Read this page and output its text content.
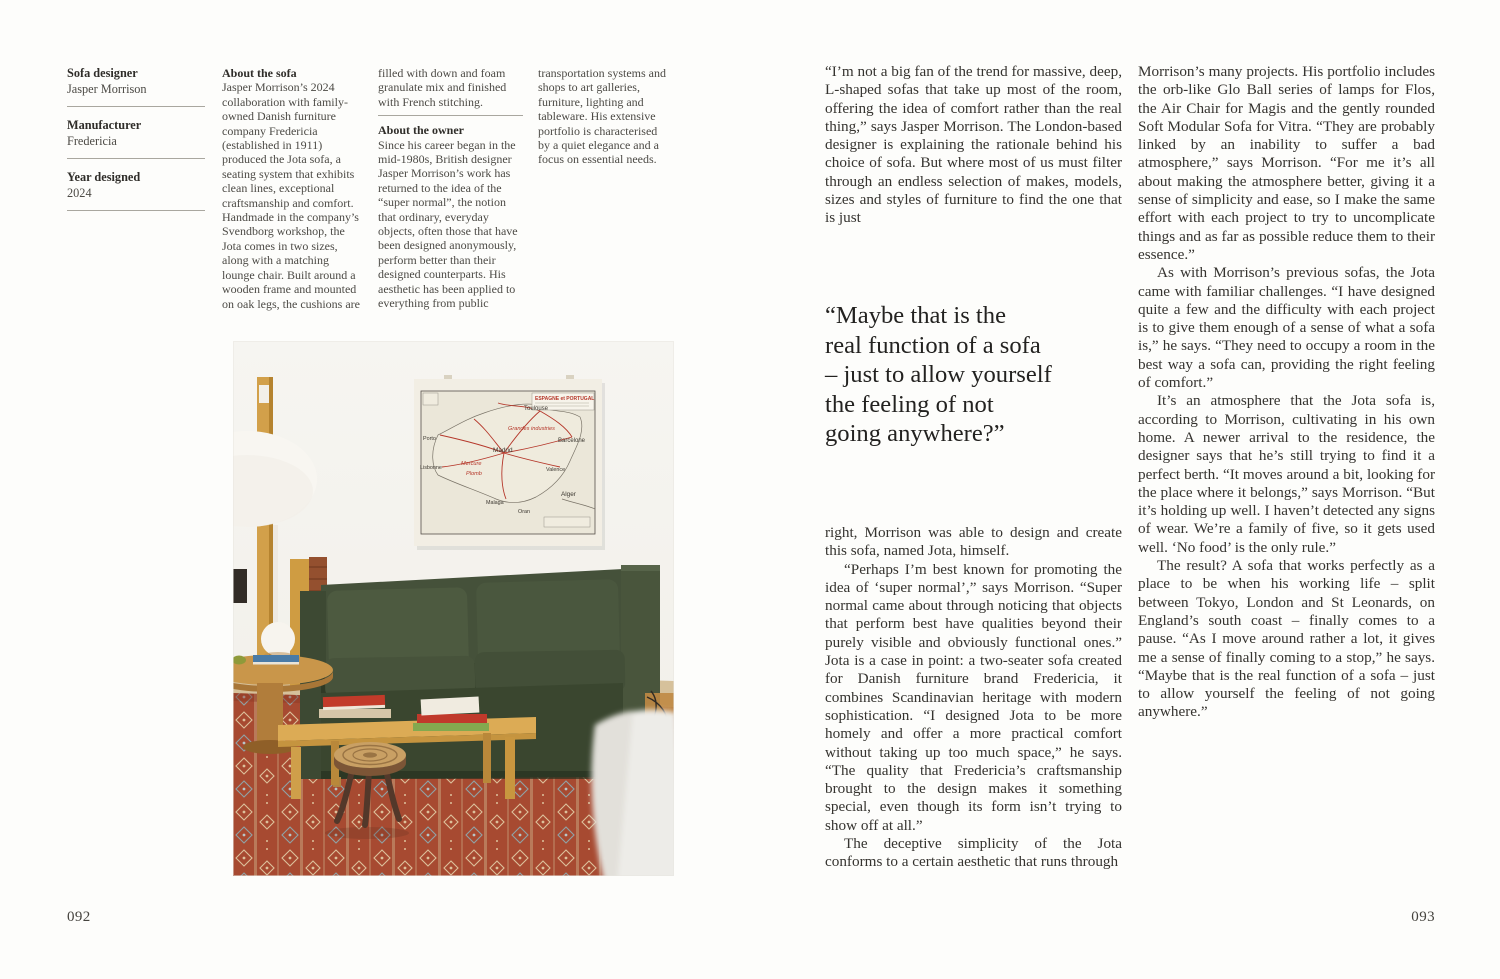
Sofa designer
Jasper Morrison
Manufacturer
Fredericia
Year designed
2024

About the sofa

Jasper Morrison’s 2024 collaboration with family-owned Danish furniture company Fredericia (established in 1911) produced the Jota sofa, a seating system that exhibits clean lines, exceptional craftsmanship and comfort. Handmade in the company’s Svendborg workshop, the Jota comes in two sizes, along with a matching lounge chair. Built around a wooden frame and mounted on oak legs, the cushions are

filled with down and foam granulate mix and finished with French stitching.

About the owner

Since his career began in the mid-1980s, British designer Jasper Morrison’s work has returned to the idea of the “super normal”, the notion that ordinary, everyday objects, often those that have been designed anonymously, perform better than their designed counterparts. His aesthetic has been applied to everything from public

transportation systems and shops to art galleries, furniture, lighting and tableware. His extensive portfolio is characterised by a quiet elegance and a focus on essential needs.

ESPAGNE et PORTUGAL
Toulouse
Barcelone
Madrid
Valence
Porto
Lisbonne
Malaga
Oran
Alger
Grandes industries
Mercure
Plomb
092

“I’m not a big fan of the trend for massive, deep, L-shaped sofas that take up most of the room, offering the idea of comfort rather than the real thing,” says Jasper Morrison. The London-based designer is explaining the rationale behind his choice of sofa. But where most of us must filter through an endless selection of makes, models, sizes and styles of furniture to find the one that is just

“Maybe that is the
real function of a sofa
– just to allow yourself
the feeling of not
going anywhere?”

right, Morrison was able to design and create this sofa, named Jota, himself.

“Perhaps I’m best known for promoting the idea of ‘super normal’,” says Morrison. “Super normal came about through noticing that objects that perform best have qualities beyond their purely visible and obviously functional ones.” Jota is a case in point: a two-seater sofa created for Danish furniture brand Fredericia, it combines Scandinavian heritage with modern sophistication. “I designed Jota to be more homely and offer a more practical comfort without taking up too much space,” he says. “The quality that Fredericia’s craftsmanship brought to the design makes it something special, even though its form isn’t trying to show off at all.”

The deceptive simplicity of the Jota conforms to a certain aesthetic that runs through

Morrison’s many projects. His portfolio includes the orb-like Glo Ball series of lamps for Flos, the Air Chair for Magis and the gently rounded Soft Modular Sofa for Vitra. “They are probably linked by an inability to suffer a bad atmosphere,” says Morrison. “For me it’s all about making the atmosphere better, giving it a sense of simplicity and ease, so I make the same effort with each project to try to uncomplicate things and as far as possible reduce them to their essence.”

As with Morrison’s previous sofas, the Jota came with familiar challenges. “I have designed quite a few and the difficulty with each project is to give them enough of a sense of what a sofa is,” he says. “They need to occupy a room in the best way a sofa can, providing the right feeling of comfort.”

It’s an atmosphere that the Jota sofa is, according to Morrison, cultivating in his own home. A newer arrival to the residence, the designer says that he’s still trying to find it a perfect berth. “It moves around a bit, looking for the place where it belongs,” says Morrison. “But it’s holding up well. I haven’t detected any signs of wear. We’re a family of five, so it gets used well. ‘No food’ is the only rule.”

The result? A sofa that works perfectly as a place to be when his working life – split between Tokyo, London and St Leonards, on England’s south coast – finally comes to a pause. “As I move around rather a lot, it gives me a sense of finally coming to a stop,” he says. “Maybe that is the real function of a sofa – just to allow yourself the feeling of not going anywhere.”

093
